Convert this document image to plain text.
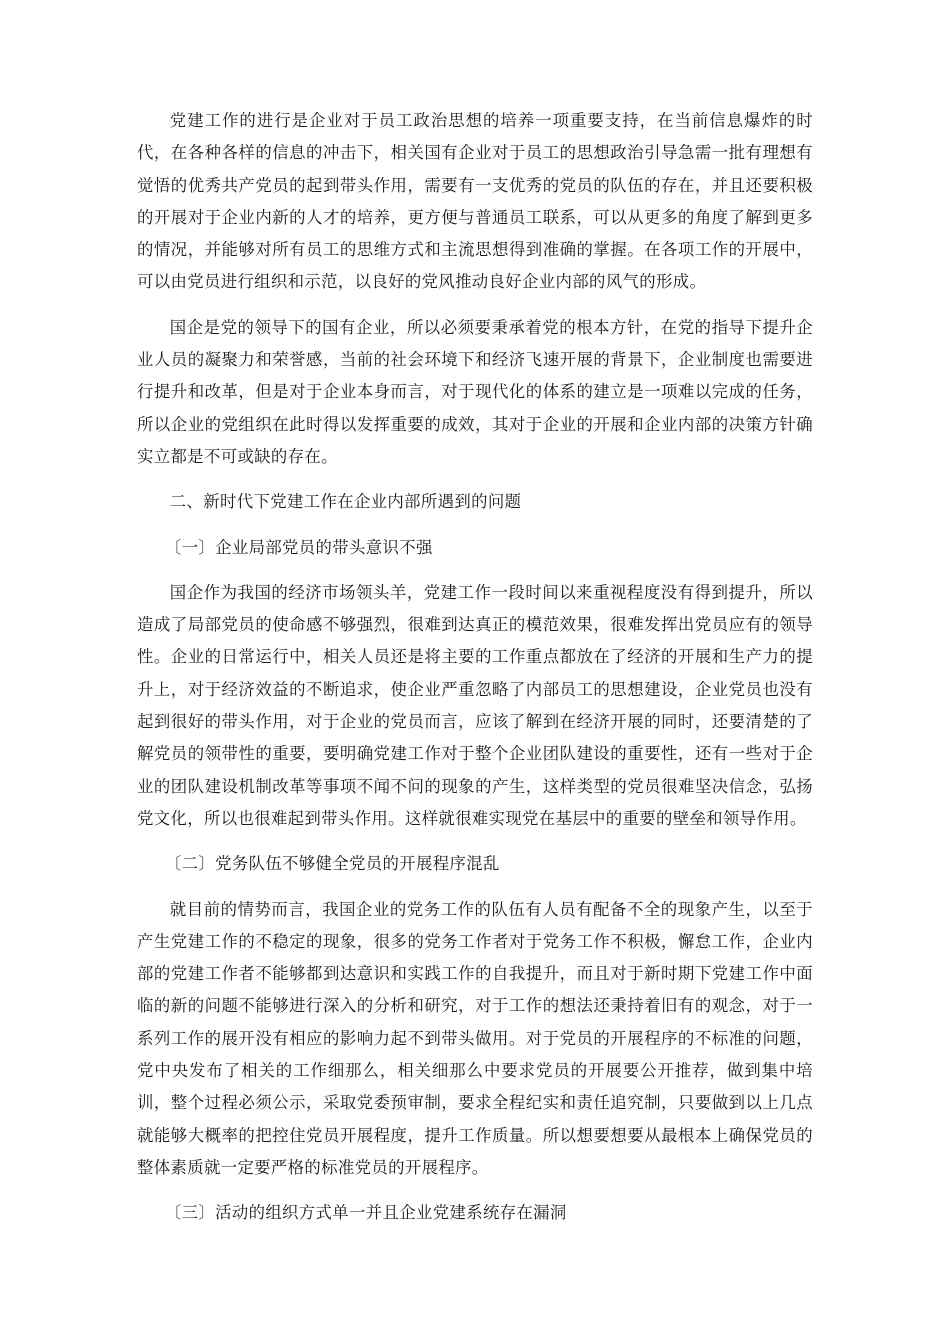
党建工作的进行是企业对于员工政治思想的培养一项重要支持，在当前信息爆炸的时代，在各种各样的信息的冲击下，相关国有企业对于员工的思想政治引导急需一批有理想有觉悟的优秀共产党员的起到带头作用，需要有一支优秀的党员的队伍的存在，并且还要积极的开展对于企业内新的人才的培养，更方便与普通员工联系，可以从更多的角度了解到更多的情况，并能够对所有员工的思维方式和主流思想得到准确的掌握。在各项工作的开展中，可以由党员进行组织和示范，以良好的党风推动良好企业内部的风气的形成。

国企是党的领导下的国有企业，所以必须要秉承着党的根本方针，在党的指导下提升企业人员的凝聚力和荣誉感，当前的社会环境下和经济飞速开展的背景下，企业制度也需要进行提升和改革，但是对于企业本身而言，对于现代化的体系的建立是一项难以完成的任务，所以企业的党组织在此时得以发挥重要的成效，其对于企业的开展和企业内部的决策方针确实立都是不可或缺的存在。

二、新时代下党建工作在企业内部所遇到的问题

〔一〕企业局部党员的带头意识不强

国企作为我国的经济市场领头羊，党建工作一段时间以来重视程度没有得到提升，所以造成了局部党员的使命感不够强烈，很难到达真正的模范效果，很难发挥出党员应有的领导性。企业的日常运行中，相关人员还是将主要的工作重点都放在了经济的开展和生产力的提升上，对于经济效益的不断追求，使企业严重忽略了内部员工的思想建设，企业党员也没有起到很好的带头作用，对于企业的党员而言，应该了解到在经济开展的同时，还要清楚的了解党员的领带性的重要，要明确党建工作对于整个企业团队建设的重要性，还有一些对于企业的团队建设机制改革等事项不闻不问的现象的产生，这样类型的党员很难坚决信念，弘扬党文化，所以也很难起到带头作用。这样就很难实现党在基层中的重要的壁垒和领导作用。

〔二〕党务队伍不够健全党员的开展程序混乱

就目前的情势而言，我国企业的党务工作的队伍有人员有配备不全的现象产生，以至于产生党建工作的不稳定的现象，很多的党务工作者对于党务工作不积极，懈怠工作，企业内部的党建工作者不能够都到达意识和实践工作的自我提升，而且对于新时期下党建工作中面临的新的问题不能够进行深入的分析和研究，对于工作的想法还秉持着旧有的观念，对于一系列工作的展开没有相应的影响力起不到带头做用。对于党员的开展程序的不标准的问题，党中央发布了相关的工作细那么，相关细那么中要求党员的开展要公开推荐，做到集中培训，整个过程必须公示，采取党委预审制，要求全程纪实和责任追究制，只要做到以上几点就能够大概率的把控住党员开展程度，提升工作质量。所以想要想要从最根本上确保党员的整体素质就一定要严格的标准党员的开展程序。

〔三〕活动的组织方式单一并且企业党建系统存在漏洞
